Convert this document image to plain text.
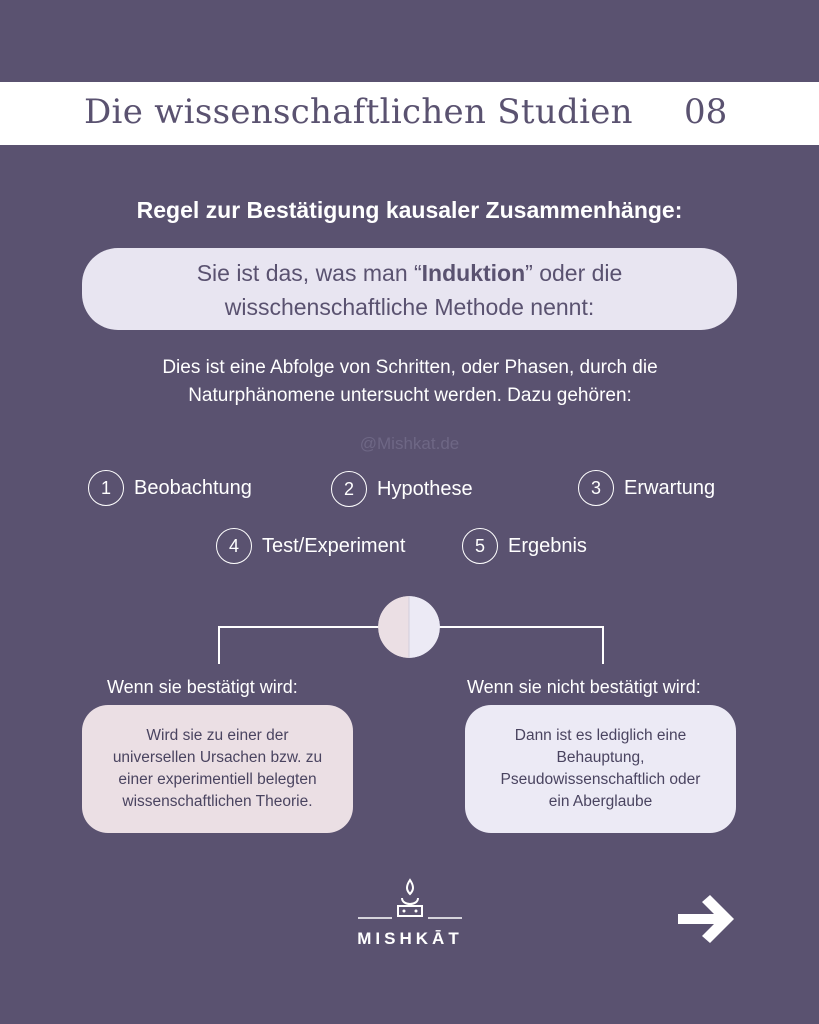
Die wissenschaftlichen Studien 08
Regel zur Bestätigung kausaler Zusammenhänge:
Sie ist das, was man “Induktion” oder die
wisschenschaftliche Methode nennt:
Dies ist eine Abfolge von Schritten, oder Phasen, durch die
Naturphänomene untersucht werden. Dazu gehören:
@Mishkat.de
1	Beobachtung	2	Hypothese	3	Erwartung
4	Test/Experiment	5	Ergebnis
Wenn sie bestätigt wird:	Wenn sie nicht bestätigt wird:
Wird sie zu einer der
universellen Ursachen bzw. zu
einer experimentiell belegten
wissenschaftlichen Theorie.
Dann ist es lediglich eine
Behauptung,
Pseudowissenschaftlich oder
ein Aberglaube
MISHKĀT
